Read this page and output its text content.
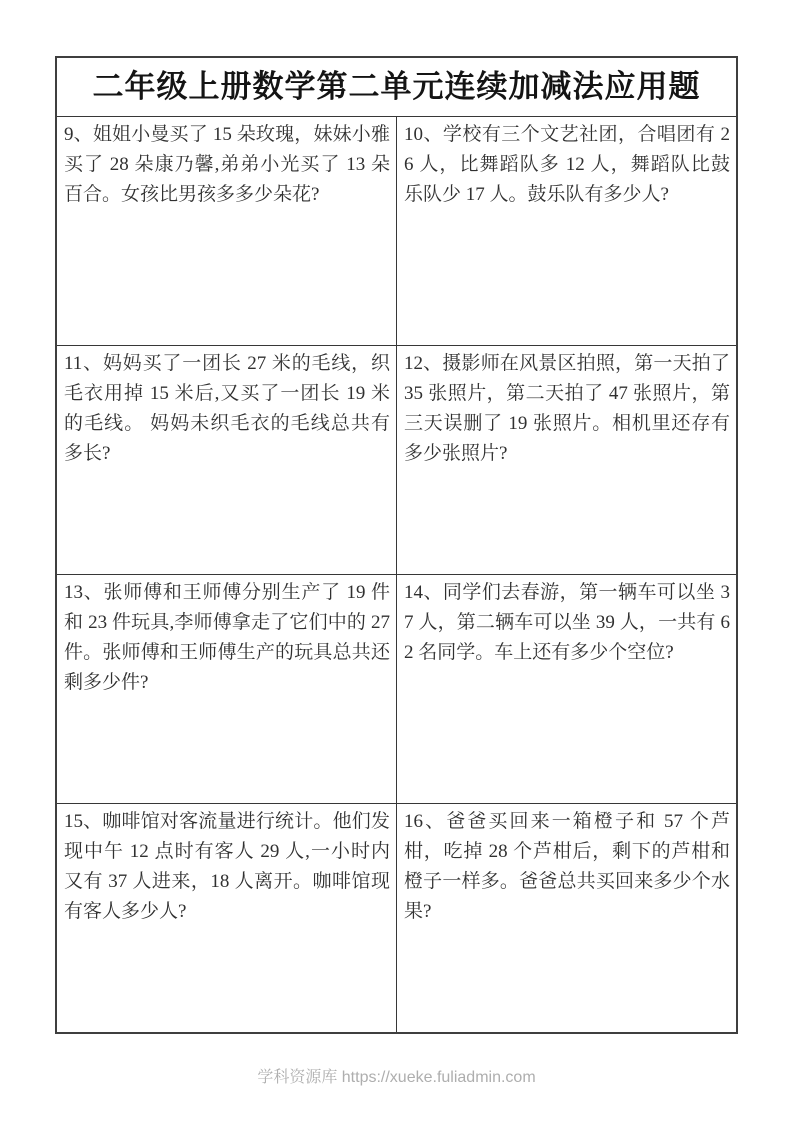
二年级上册数学第二单元连续加减法应用题	

9、姐姐小曼买了 15 朵玫瑰，妹妹小雅买了 28 朵康乃馨,弟弟小光买了 13 朵百合。女孩比男孩多多少朵花?	10、学校有三个文艺社团，合唱团有 26 人，比舞蹈队多 12 人，舞蹈队比鼓乐队少 17 人。鼓乐队有多少人?

11、妈妈买了一团长 27 米的毛线，织毛衣用掉 15 米后,又买了一团长 19 米的毛线。 妈妈未织毛衣的毛线总共有多长?	12、摄影师在风景区拍照，第一天拍了 35 张照片，第二天拍了 47 张照片，第三天误删了 19 张照片。相机里还存有多少张照片?

13、张师傅和王师傅分别生产了 19 件和 23 件玩具,李师傅拿走了它们中的 27 件。张师傅和王师傅生产的玩具总共还剩多少件?	14、同学们去春游，第一辆车可以坐 37 人，第二辆车可以坐 39 人，一共有 62 名同学。车上还有多少个空位?

15、咖啡馆对客流量进行统计。他们发现中午 12 点时有客人 29 人,一小时内又有 37 人进来，18 人离开。咖啡馆现有客人多少人?	16、爸爸买回来一箱橙子和 57 个芦柑，吃掉 28 个芦柑后，剩下的芦柑和橙子一样多。爸爸总共买回来多少个水果?
学科资源库 https://xueke.fuliadmin.com
